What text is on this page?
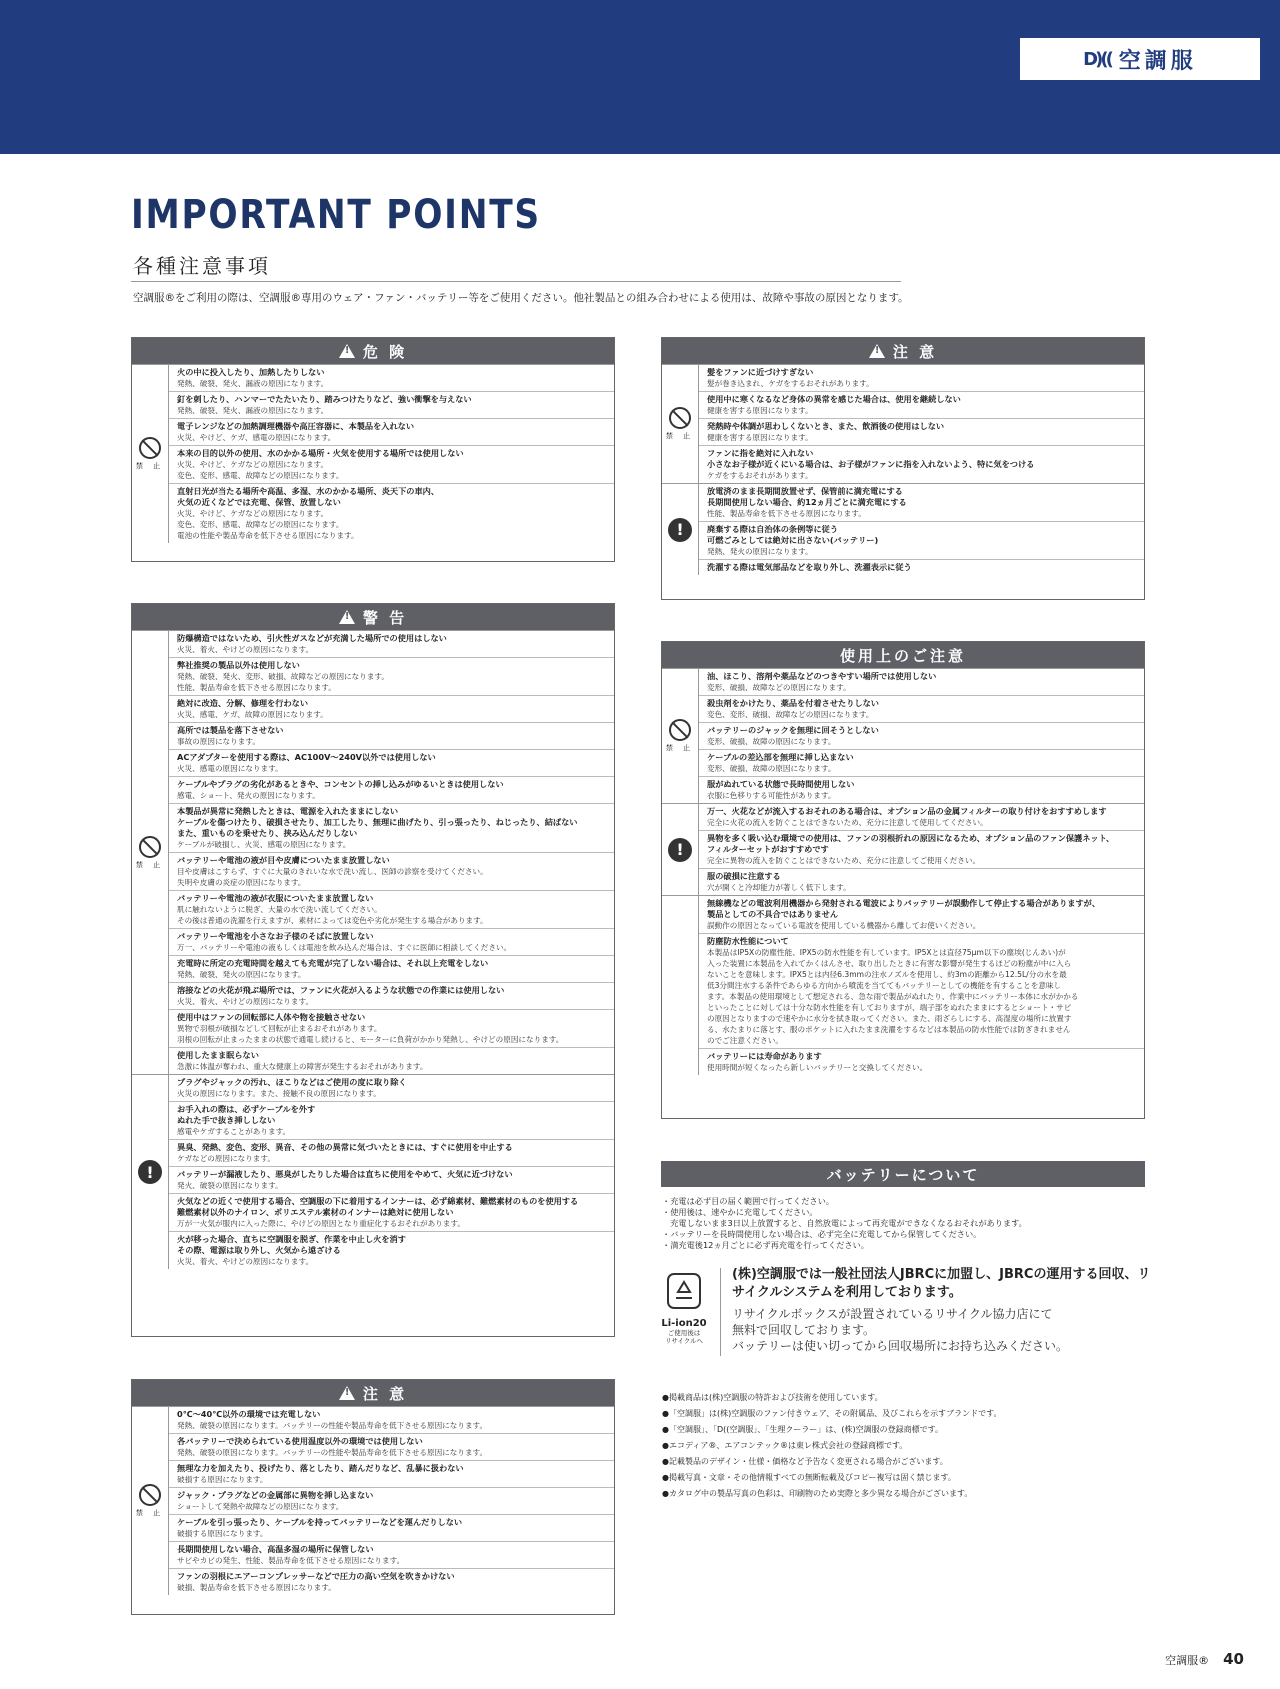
D)(( 空調服
IMPORTANT POINTS
各種注意事項
空調服®をご利用の際は、空調服®専用のウェア・ファン・バッテリー等をご使用ください。他社製品との組み合わせによる使用は、故障や事故の原因となります。
!
危 険
禁 止
火の中に投入したり、加熱したりしない
発熱、破裂、発火、漏液の原因になります。
釘を刺したり、ハンマーでたたいたり、踏みつけたりなど、強い衝撃を与えない
発熱、破裂、発火、漏液の原因になります。
電子レンジなどの加熱調理機器や高圧容器に、本製品を入れない
火災、やけど、ケガ、感電の原因になります。
本来の目的以外の使用、水のかかる場所・火気を使用する場所では使用しない
火災、やけど、ケガなどの原因になります。
変色、変形、感電、故障などの原因になります。
直射日光が当たる場所や高温、多湿、水のかかる場所、炎天下の車内、
火気の近くなどでは充電、保管、放置しない
火災、やけど、ケガなどの原因になります。
変色、変形、感電、故障などの原因になります。
電池の性能や製品寿命を低下させる原因になります。
!
警 告
禁 止
防爆構造ではないため、引火性ガスなどが充満した場所での使用はしない
火災、着火、やけどの原因になります。
弊社推奨の製品以外は使用しない
発熱、破裂、発火、変形、破損、故障などの原因になります。
性能、製品寿命を低下させる原因になります。
絶対に改造、分解、修理を行わない
火災、感電、ケガ、故障の原因になります。
高所では製品を落下させない
事故の原因になります。
ACアダプターを使用する際は、AC100V〜240V以外では使用しない
火災、感電の原因になります。
ケーブルやプラグの劣化があるときや、コンセントの挿し込みがゆるいときは使用しない
感電、ショート、発火の原因になります。
本製品が異常に発熱したときは、電源を入れたままにしない
ケーブルを傷つけたり、破損させたり、加工したり、無理に曲げたり、引っ張ったり、ねじったり、結ばない
また、重いものを乗せたり、挟み込んだりしない
ケーブルが破損し、火災、感電の原因になります。
バッテリーや電池の液が目や皮膚についたまま放置しない
目や皮膚はこすらず、すぐに大量のきれいな水で洗い流し、医師の診察を受けてください。
失明や皮膚の炎症の原因になります。
バッテリーや電池の液が衣服についたまま放置しない
肌に触れないように脱ぎ、大量の水で洗い流してください。
その後は普通の洗濯を行えますが、素材によっては変色や劣化が発生する場合があります。
バッテリーや電池を小さなお子様のそばに放置しない
万一、バッテリーや電池の液もしくは電池を飲み込んだ場合は、すぐに医師に相談してください。
充電時に所定の充電時間を越えても充電が完了しない場合は、それ以上充電をしない
発熱、破裂、発火の原因になります。
溶接などの火花が飛ぶ場所では、ファンに火花が入るような状態での作業には使用しない
火災、着火、やけどの原因になります。
使用中はファンの回転部に人体や物を接触させない
異物で羽根が破損などして回転が止まるおそれがあります。
羽根の回転が止まったままの状態で通電し続けると、モーターに負荷がかかり発熱し、やけどの原因になります。
使用したまま眠らない
急激に体温が奪われ、重大な健康上の障害が発生するおそれがあります。
!
プラグやジャックの汚れ、ほこりなどはご使用の度に取り除く
火災の原因になります。また、接触不良の原因になります。
お手入れの際は、必ずケーブルを外す
ぬれた手で抜き挿ししない
感電やケガすることがあります。
異臭、発熱、変色、変形、異音、その他の異常に気づいたときには、すぐに使用を中止する
ケガなどの原因になります。
バッテリーが漏液したり、悪臭がしたりした場合は直ちに使用をやめて、火気に近づけない
発火、破裂の原因になります。
火気などの近くで使用する場合、空調服の下に着用するインナーは、必ず綿素材、難燃素材のものを使用する
難燃素材以外のナイロン、ポリエステル素材のインナーは絶対に使用しない
万が一火気が服内に入った際に、やけどの原因となり重症化するおそれがあります。
火が移った場合、直ちに空調服を脱ぎ、作業を中止し火を消す
その際、電源は取り外し、火気から遠ざける
火災、着火、やけどの原因になります。
!
注 意
禁 止
0℃〜40℃以外の環境では充電しない
発熱、破裂の原因になります。バッテリーの性能や製品寿命を低下させる原因になります。
各バッテリーで決められている使用温度以外の環境では使用しない
発熱、破裂の原因になります。バッテリーの性能や製品寿命を低下させる原因になります。
無理な力を加えたり、投げたり、落としたり、踏んだりなど、乱暴に扱わない
破損する原因になります。
ジャック・プラグなどの金属部に異物を挿し込まない
ショートして発熱や故障などの原因になります。
ケーブルを引っ張ったり、ケーブルを持ってバッテリーなどを運んだりしない
破損する原因になります。
長期間使用しない場合、高温多湿の場所に保管しない
サビやカビの発生、性能、製品寿命を低下させる原因になります。
ファンの羽根にエアーコンプレッサーなどで圧力の高い空気を吹きかけない
破損、製品寿命を低下させる原因になります。
!
注 意
禁 止
髪をファンに近づけすぎない
髪が巻き込まれ、ケガをするおそれがあります。
使用中に寒くなるなど身体の異常を感じた場合は、使用を継続しない
健康を害する原因になります。
発熱時や体調が思わしくないとき、また、飲酒後の使用はしない
健康を害する原因になります。
ファンに指を絶対に入れない
小さなお子様が近くにいる場合は、お子様がファンに指を入れないよう、特に気をつける
ケガをするおそれがあります。
!
放電済のまま長期間放置せず、保管前に満充電にする
長期間使用しない場合、約12ヵ月ごとに満充電にする
性能、製品寿命を低下させる原因になります。
廃棄する際は自治体の条例等に従う
可燃ごみとしては絶対に出さない(バッテリー)
発熱、発火の原因になります。
洗濯する際は電気部品などを取り外し、洗濯表示に従う
使用上のご注意
禁 止
油、ほこり、溶剤や薬品などのつきやすい場所では使用しない
変形、破損、故障などの原因になります。
殺虫剤をかけたり、薬品を付着させたりしない
変色、変形、破損、故障などの原因になります。
バッテリーのジャックを無理に回そうとしない
変形、破損、故障の原因になります。
ケーブルの差込部を無理に挿し込まない
変形、破損、故障の原因になります。
服がぬれている状態で長時間使用しない
衣服に色移りする可能性があります。
!
万一、火花などが流入するおそれのある場合は、オプション品の金属フィルターの取り付けをおすすめします
完全に火花の流入を防ぐことはできないため、充分に注意して使用してください。
異物を多く吸い込む環境での使用は、ファンの羽根折れの原因になるため、オプション品のファン保護ネット、
フィルターセットがおすすめです
完全に異物の流入を防ぐことはできないため、充分に注意してご使用ください。
服の破損に注意する
穴が開くと冷却能力が著しく低下します。
無線機などの電波利用機器から発射される電波によりバッテリーが誤動作して停止する場合がありますが、
製品としての不具合ではありません
誤動作の原因となっている電波を使用している機器から離してお使いください。
防塵防水性能について
本製品はIP5Xの防塵性能、IPX5の防水性能を有しています。IP5Xとは直径75μm以下の塵埃(じんあい)が
入った装置に本製品を入れてかくはんさせ、取り出したときに有害な影響が発生するほどの粉塵が中に入ら
ないことを意味します。IPX5とは内径6.3mmの注水ノズルを使用し、約3mの距離から12.5L/分の水を最
低3分間注水する条件であらゆる方向から噴流を当ててもバッテリーとしての機能を有することを意味し
ます。本製品の使用環境として想定される、急な雨で製品がぬれたり、作業中にバッテリー本体に水がかかる
といったことに対しては十分な防水性能を有しておりますが、端子部をぬれたままにするとショート・サビ
の原因となりますので速やかに水分を拭き取ってください。また、雨ざらしにする、高湿度の場所に放置す
る、水たまりに落とす、服のポケットに入れたまま洗濯をするなどは本製品の防水性能では防ぎきれません
のでご注意ください。
バッテリーには寿命があります
使用時間が短くなったら新しいバッテリーと交換してください。
バッテリーについて
・充電は必ず目の届く範囲で行ってください。
・使用後は、速やかに充電してください。
　充電しないまま3日以上放置すると、自然放電によって再充電ができなくなるおそれがあります。
・バッテリーを長時間使用しない場合は、必ず完全に充電してから保管してください。
・満充電後12ヵ月ごとに必ず再充電を行ってください。
Li-ion20
ご使用後は
リサイクルへ
(株)空調服では一般社団法人JBRCに加盟し、JBRCの運用する回収、リサイクルシステムを利用しております。
リサイクルボックスが設置されているリサイクル協力店にて
無料で回収しております。
バッテリーは使い切ってから回収場所にお持ち込みください。
●掲載商品は(株)空調服の特許および技術を使用しています。
●「空調服」は(株)空調服のファン付きウェア、その附属品、及びこれらを示すブランドです。
●「空調服」、「D((空調服」、「生理クーラー」は、(株)空調服の登録商標です。
●エコディア®、エアコンテック®は東レ株式会社の登録商標です。
●記載製品のデザイン・仕様・価格など予告なく変更される場合がございます。
●掲載写真・文章・その他情報すべての無断転載及びコピー複写は固く禁じます。
●カタログ中の製品写真の色彩は、印刷物のため実際と多少異なる場合がございます。
空調服® 40
